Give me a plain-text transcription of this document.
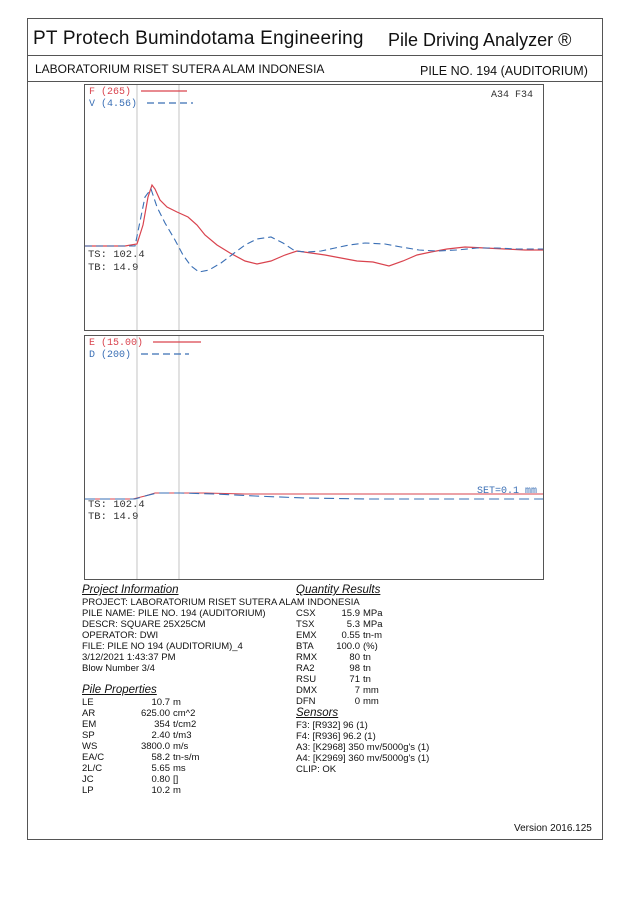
PT Protech Bumindotama Engineering Pile Driving Analyzer ®
LABORATORIUM RISET SUTERA ALAM INDONESIA	PILE NO. 194 (AUDITORIUM)
F (265)
V (4.56)
A34 F34
TS: 102.4
TB: 14.9
E (15.00)
D (200)
SET=0.1 mm
TS: 102.4
TB: 14.9
Project Information
PROJECT: LABORATORIUM RISET SUTERA ALAM INDONESIA
PILE NAME: PILE NO. 194 (AUDITORIUM)
DESCR: SQUARE 25X25CM
OPERATOR: DWI
FILE: PILE NO 194 (AUDITORIUM)_4
3/12/2021 1:43:37 PM
Blow Number 3/4
Pile Properties
LE	10.7 m
AR	625.00 cm^2
EM	354 t/cm2
SP	2.40 t/m3
WS	3800.0 m/s
EA/C	58.2 tn-s/m
2L/C	5.65 ms
JC	0.80 []
LP	10.2 m
Quantity Results
CSX	15.9 MPa
TSX	5.3 MPa
EMX	0.55 tn-m
BTA 100.0 (%)
RMX	80 tn
RA2	98 tn
RSU	71 tn
DMX	7 mm
DFN	0 mm
Sensors
F3: [R932] 96 (1)
F4: [R936] 96.2 (1)
A3: [K2968] 350 mv/5000g's (1)
A4: [K2969] 360 mv/5000g's (1)
CLIP: OK
Version 2016.125
